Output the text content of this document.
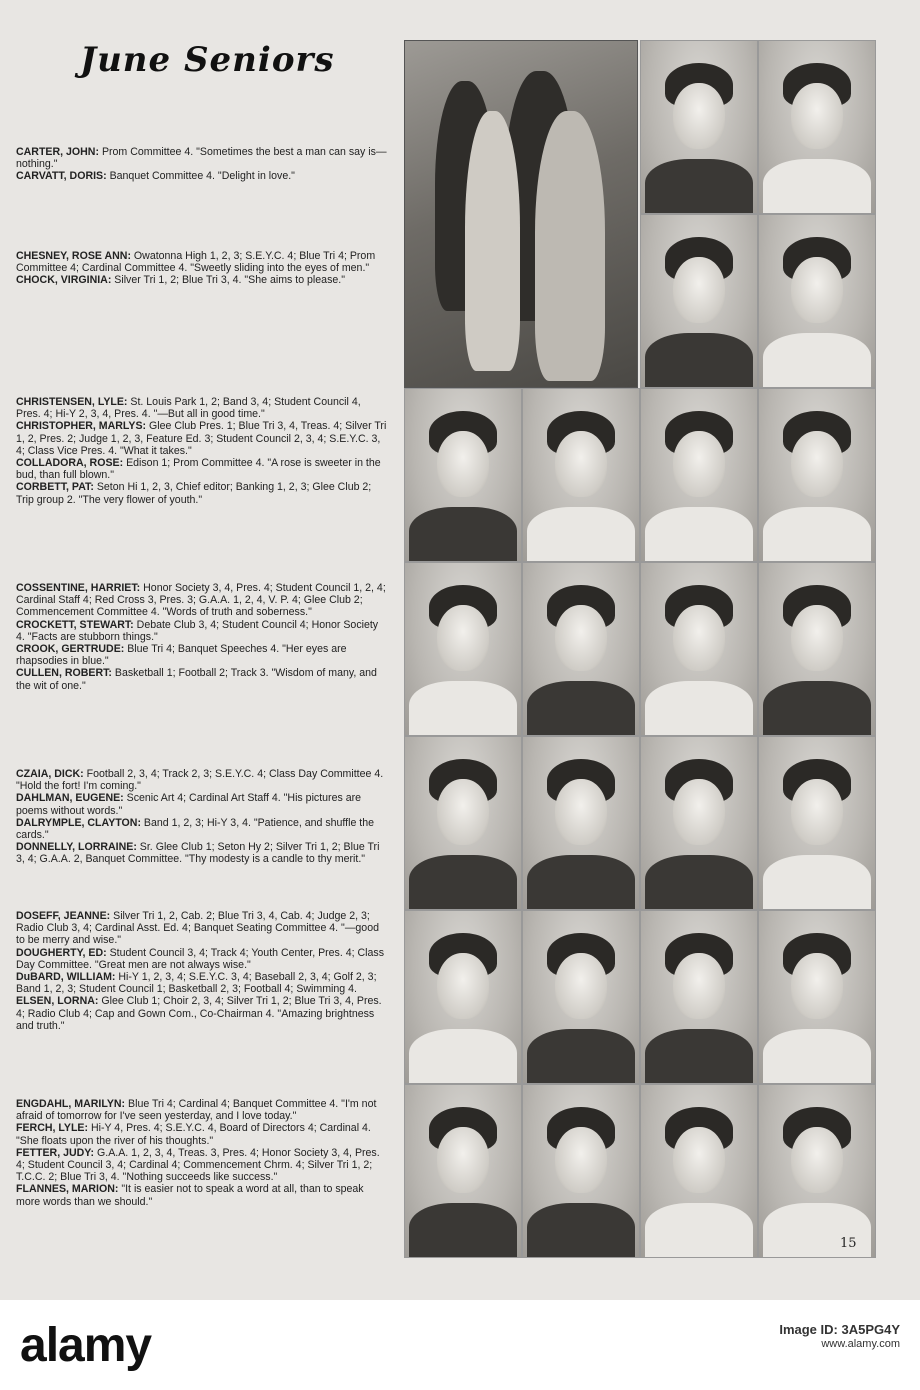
June Seniors

CARTER, JOHN: Prom Committee 4. "Sometimes the best a man can say is—nothing."

CARVATT, DORIS: Banquet Committee 4. "Delight in love."

CHESNEY, ROSE ANN: Owatonna High 1, 2, 3; S.E.Y.C. 4; Blue Tri 4; Prom Committee 4; Cardinal Committee 4. "Sweetly sliding into the eyes of men."

CHOCK, VIRGINIA: Silver Tri 1, 2; Blue Tri 3, 4. "She aims to please."

CHRISTENSEN, LYLE: St. Louis Park 1, 2; Band 3, 4; Student Council 4, Pres. 4; Hi-Y 2, 3, 4, Pres. 4. "—But all in good time."

CHRISTOPHER, MARLYS: Glee Club Pres. 1; Blue Tri 3, 4, Treas. 4; Silver Tri 1, 2, Pres. 2; Judge 1, 2, 3, Feature Ed. 3; Student Council 2, 3, 4; S.E.Y.C. 3, 4; Class Vice Pres. 4. "What it takes."

COLLADORA, ROSE: Edison 1; Prom Committee 4. "A rose is sweeter in the bud, than full blown."

CORBETT, PAT: Seton Hi 1, 2, 3, Chief editor; Banking 1, 2, 3; Glee Club 2; Trip group 2. "The very flower of youth."

COSSENTINE, HARRIET: Honor Society 3, 4, Pres. 4; Student Council 1, 2, 4; Cardinal Staff 4; Red Cross 3, Pres. 3; G.A.A. 1, 2, 4, V. P. 4; Glee Club 2; Commencement Committee 4. "Words of truth and soberness."

CROCKETT, STEWART: Debate Club 3, 4; Student Council 4; Honor Society 4. "Facts are stubborn things."

CROOK, GERTRUDE: Blue Tri 4; Banquet Speeches 4. "Her eyes are rhapsodies in blue."

CULLEN, ROBERT: Basketball 1; Football 2; Track 3. "Wisdom of many, and the wit of one."

CZAIA, DICK: Football 2, 3, 4; Track 2, 3; S.E.Y.C. 4; Class Day Committee 4. "Hold the fort! I'm coming."

DAHLMAN, EUGENE: Scenic Art 4; Cardinal Art Staff 4. "His pictures are poems without words."

DALRYMPLE, CLAYTON: Band 1, 2, 3; Hi-Y 3, 4. "Patience, and shuffle the cards."

DONNELLY, LORRAINE: Sr. Glee Club 1; Seton Hy 2; Silver Tri 1, 2; Blue Tri 3, 4; G.A.A. 2, Banquet Committee. "Thy modesty is a candle to thy merit."

DOSEFF, JEANNE: Silver Tri 1, 2, Cab. 2; Blue Tri 3, 4, Cab. 4; Judge 2, 3; Radio Club 3, 4; Cardinal Asst. Ed. 4; Banquet Seating Committee 4. "—good to be merry and wise."

DOUGHERTY, ED: Student Council 3, 4; Track 4; Youth Center, Pres. 4; Class Day Committee. "Great men are not always wise."

DuBARD, WILLIAM: Hi-Y 1, 2, 3, 4; S.E.Y.C. 3, 4; Baseball 2, 3, 4; Golf 2, 3; Band 1, 2, 3; Student Council 1; Basketball 2, 3; Football 4; Swimming 4.

ELSEN, LORNA: Glee Club 1; Choir 2, 3, 4; Silver Tri 1, 2; Blue Tri 3, 4, Pres. 4; Radio Club 4; Cap and Gown Com., Co-Chairman 4. "Amazing brightness and truth."

ENGDAHL, MARILYN: Blue Tri 4; Cardinal 4; Banquet Committee 4. "I'm not afraid of tomorrow for I've seen yesterday, and I love today."

FERCH, LYLE: Hi-Y 4, Pres. 4; S.E.Y.C. 4, Board of Directors 4; Cardinal 4. "She floats upon the river of his thoughts."

FETTER, JUDY: G.A.A. 1, 2, 3, 4, Treas. 3, Pres. 4; Honor Society 3, 4, Pres. 4; Student Council 3, 4; Cardinal 4; Commencement Chrm. 4; Silver Tri 1, 2; T.C.C. 2; Blue Tri 3, 4. "Nothing succeeds like success."

FLANNES, MARION: "It is easier not to speak a word at all, than to speak more words than we should."

15
alamy	Image ID: 3A5PG4Y
www.alamy.com
